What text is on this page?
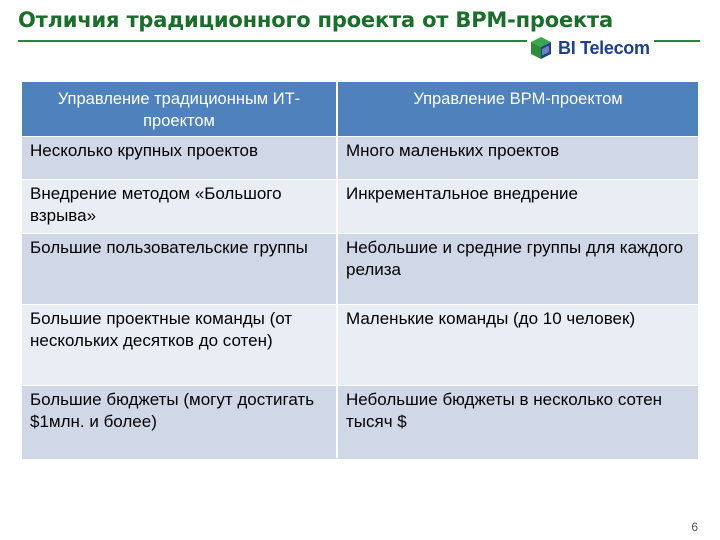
Отличия традиционного проекта от BPM-проекта
BI Telecom
Управление традиционным ИТ-проектом
Управление BPM-проектом
Несколько крупных проектов	Много маленьких проектов
Внедрение методом «Большого взрыва»
Инкрементальное внедрение
Большие пользовательские группы	Небольшие и средние группы для каждого релиза
Большие проектные команды (от нескольких десятков до сотен)
Маленькие команды (до 10 человек)
Большие бюджеты (могут достигать $1млн. и более)
Небольшие бюджеты в несколько сотен тысяч $
6
